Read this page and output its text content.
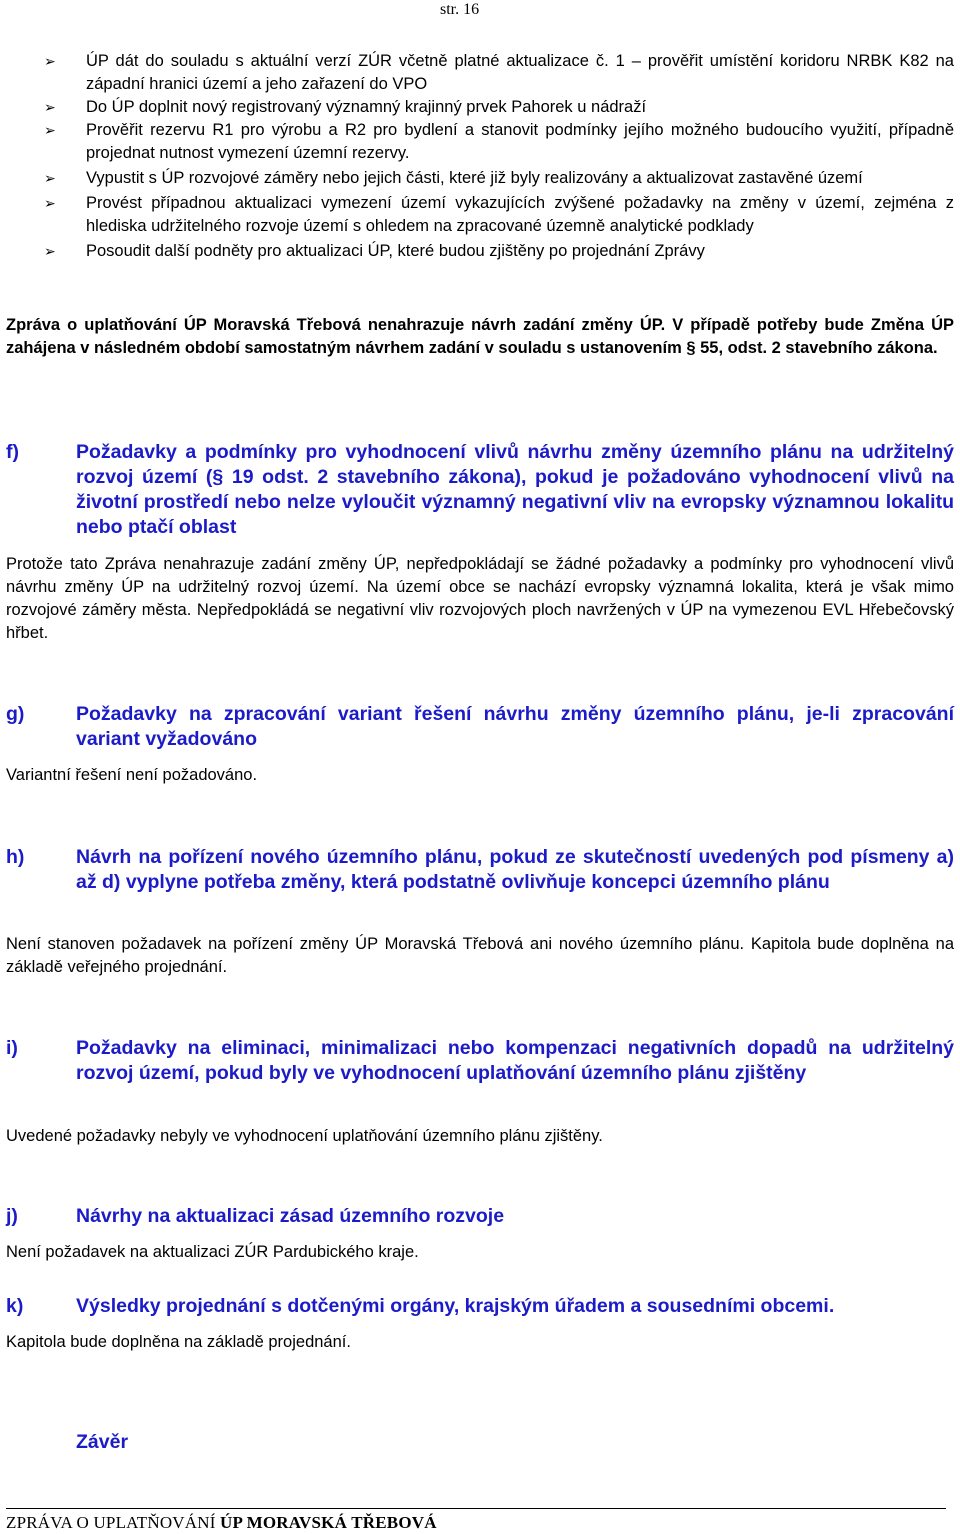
str. 16
➢ ÚP dát do souladu s aktuální verzí ZÚR včetně platné aktualizace č. 1 – prověřit umístění koridoru NRBK K82 na západní hranici území a jeho zařazení do VPO
➢ Do ÚP doplnit nový registrovaný významný krajinný prvek Pahorek u nádraží
➢ Prověřit rezervu R1 pro výrobu a R2 pro bydlení a stanovit podmínky jejího možného budoucího využití, případně projednat nutnost vymezení územní rezervy.
➢ Vypustit s ÚP rozvojové záměry nebo jejich části, které již byly realizovány a aktualizovat zastavěné území
➢ Provést případnou aktualizaci vymezení území vykazujících zvýšené požadavky na změny v území, zejména z hlediska udržitelného rozvoje území s ohledem na zpracované územně analytické podklady
➢ Posoudit další podněty pro aktualizaci ÚP, které budou zjištěny po projednání Zprávy
Zpráva o uplatňování ÚP Moravská Třebová nenahrazuje návrh zadání změny ÚP. V případě potřeby bude Změna ÚP zahájena v následném období samostatným návrhem zadání v souladu s ustanovením § 55, odst. 2 stavebního zákona.
f)	Požadavky a podmínky pro vyhodnocení vlivů návrhu změny územního plánu na udržitelný rozvoj území (§ 19 odst. 2 stavebního zákona), pokud je požadováno vyhodnocení vlivů na životní prostředí nebo nelze vyloučit významný negativní vliv na evropsky významnou lokalitu nebo ptačí oblast
Protože tato Zpráva nenahrazuje zadání změny ÚP, nepředpokládají se žádné požadavky a podmínky pro vyhodnocení vlivů návrhu změny ÚP na udržitelný rozvoj území. Na území obce se nachází evropsky významná lokalita, která je však mimo rozvojové záměry města. Nepředpokládá se negativní vliv rozvojových ploch navržených v ÚP na vymezenou EVL Hřebečovský hřbet.
g)	Požadavky na zpracování variant řešení návrhu změny územního plánu, je-li zpracování variant vyžadováno
Variantní řešení není požadováno.
h)	Návrh na pořízení nového územního plánu, pokud ze skutečností uvedených pod písmeny a) až d) vyplyne potřeba změny, která podstatně ovlivňuje koncepci územního plánu
Není stanoven požadavek na pořízení změny ÚP Moravská Třebová ani nového územního plánu. Kapitola bude doplněna na základě veřejného projednání.
i)	Požadavky na eliminaci, minimalizaci nebo kompenzaci negativních dopadů na udržitelný rozvoj území, pokud byly ve vyhodnocení uplatňování územního plánu zjištěny
Uvedené požadavky nebyly ve vyhodnocení uplatňování územního plánu zjištěny.
j)	Návrhy na aktualizaci zásad územního rozvoje
Není požadavek na aktualizaci ZÚR Pardubického kraje.
k)	Výsledky projednání s dotčenými orgány, krajským úřadem a sousedními obcemi.
Kapitola bude doplněna na základě projednání.
Závěr
ZPRÁVA O UPLATŇOVÁNÍ ÚP MORAVSKÁ TŘEBOVÁ
